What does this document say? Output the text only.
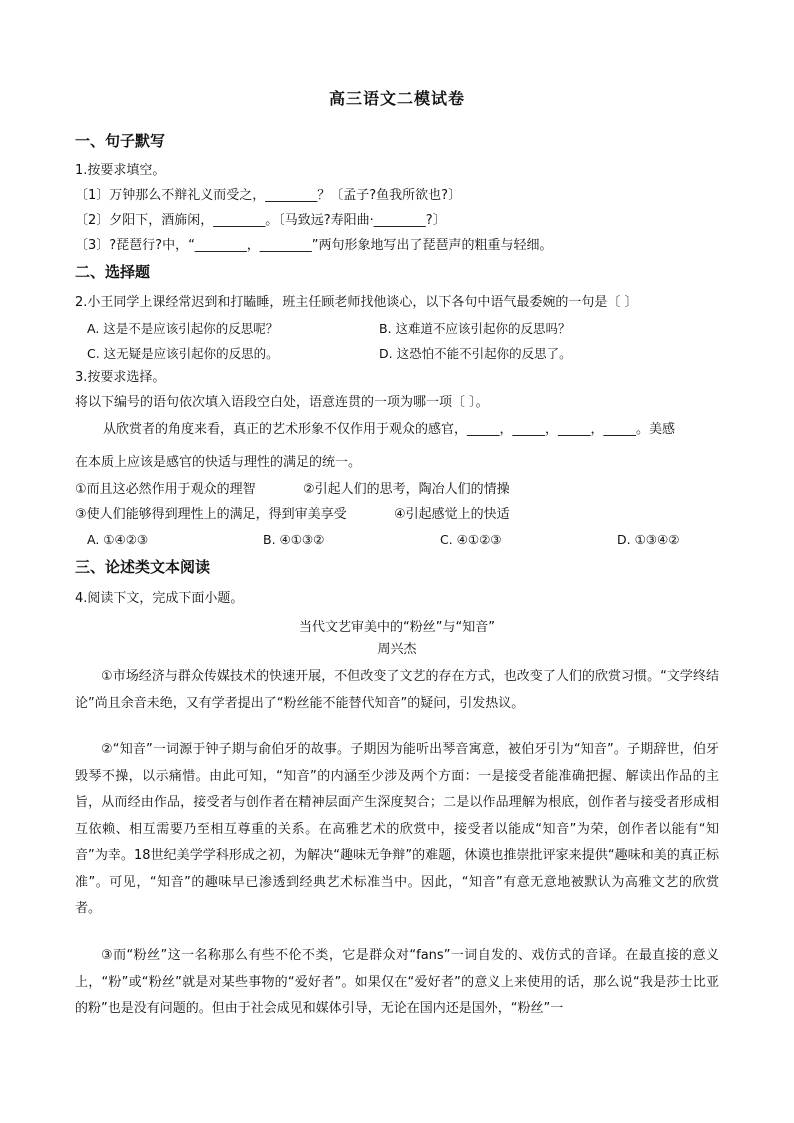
高三语文二模试卷
一、句子默写
1.按要求填空。
〔1〕万钟那么不辩礼义而受之，________？〔孟子?鱼我所欲也?〕
〔2〕夕阳下，酒旆闲，________。〔马致远?寿阳曲·________?〕
〔3〕?琵琶行?中，“________，________”两句形象地写出了琵琶声的粗重与轻细。
二、选择题
2.小王同学上课经常迟到和打瞌睡，班主任顾老师找他谈心，以下各句中语气最委婉的一句是〔 〕
A. 这是不是应该引起你的反思呢？	B. 这难道不应该引起你的反思吗？
C. 这无疑是应该引起你的反思的。	D. 这恐怕不能不引起你的反思了。
3.按要求选择。
将以下编号的语句依次填入语段空白处，语意连贯的一项为哪一项〔 〕。
从欣赏者的角度来看，真正的艺术形象不仅作用于观众的感官，_____，_____，_____，_____。美感
在本质上应该是感官的快适与理性的满足的统一。
①而且这必然作用于观众的理智	②引起人们的思考，陶冶人们的情操
③使人们能够得到理性上的满足，得到审美享受	④引起感觉上的快适
A. ①④②③	B. ④①③②	C. ④①②③	D. ①③④②
三、论述类文本阅读
4.阅读下文，完成下面小题。
当代文艺审美中的“粉丝”与“知音”
周兴杰
①市场经济与群众传媒技术的快速开展，不但改变了文艺的存在方式，也改变了人们的欣赏习惯。“文学终结论”尚且余音未绝，又有学者提出了“粉丝能不能替代知音”的疑问，引发热议。
②“知音”一词源于钟子期与俞伯牙的故事。子期因为能听出琴音寓意，被伯牙引为“知音”。子期辞世，伯牙毁琴不操，以示痛惜。由此可知，“知音”的内涵至少涉及两个方面：一是接受者能准确把握、解读出作品的主旨，从而经由作品，接受者与创作者在精神层面产生深度契合；二是以作品理解为根底，创作者与接受者形成相互依赖、相互需要乃至相互尊重的关系。在高雅艺术的欣赏中，接受者以能成“知音”为荣，创作者以能有“知音”为幸。18世纪美学学科形成之初，为解决“趣味无争辩”的难题，休谟也推崇批评家来提供“趣味和美的真正标准”。可见，“知音”的趣味早已渗透到经典艺术标准当中。因此，“知音”有意无意地被默认为高雅文艺的欣赏者。
③而“粉丝”这一名称那么有些不伦不类，它是群众对“fans”一词自发的、戏仿式的音译。在最直接的意义上，“粉”或“粉丝”就是对某些事物的“爱好者”。如果仅在“爱好者”的意义上来使用的话，那么说“我是莎士比亚的粉”也是没有问题的。但由于社会成见和媒体引导，无论在国内还是国外，“粉丝”一
